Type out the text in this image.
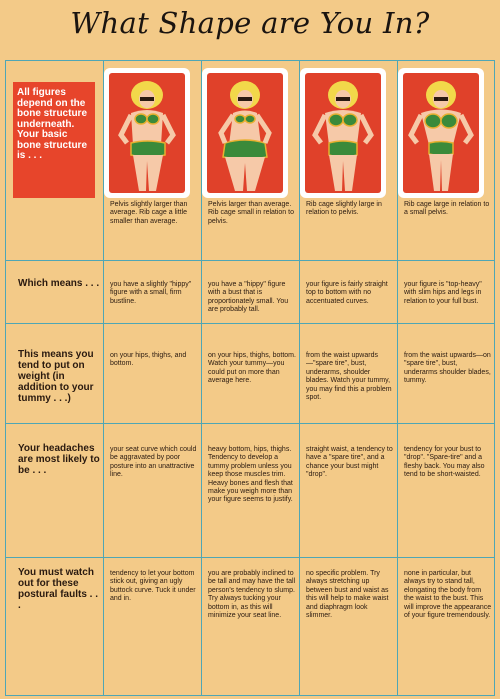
What Shape are You In?
All figures depend on the bone structure underneath. Your basic bone structure is . . .
Pelvis slightly larger than average. Rib cage a little smaller than average.
Pelvis larger than average. Rib cage small in relation to pelvis.
Rib cage slightly large in relation to pelvis.
Rib cage large in relation to a small pelvis.
Which means . . . you have a slightly "hippy" figure with a small, firm bustline.
you have a "hippy" figure with a bust that is proportionately small. You are probably tall.
your figure is fairly straight top to bottom with no accentuated curves.
your figure is "top-heavy" with slim hips and legs in relation to your full bust.
This means you tend to put on weight (in addition to your tummy . . .)
on your hips, thighs, and bottom.
on your hips, thighs, bottom. Watch your tummy—you could put on more than average here.
from the waist upwards—"spare tire", bust, underarms, shoulder blades. Watch your tummy, you may find this a problem spot.
from the waist upwards—on "spare tire", bust, underarms shoulder blades, tummy.
Your headaches are most likely to be . . .
your seat curve which could be aggravated by poor posture into an unattractive line.
heavy bottom, hips, thighs. Tendency to develop a tummy problem unless you keep those muscles trim. Heavy bones and flesh that make you weigh more than your figure seems to justify.
straight waist, a tendency to have a "spare tire", and a chance your bust might "drop".
tendency for your bust to "drop". "Spare-tire" and a fleshy back. You may also tend to be short-waisted.
You must watch out for these postural faults . . .
tendency to let your bottom stick out, giving an ugly buttock curve. Tuck it under and in.
you are probably inclined to be tall and may have the tall person's tendency to slump. Try always tucking your bottom in, as this will minimize your seat line.
no specific problem. Try always stretching up between bust and waist as this will help to make waist and diaphragm look slimmer.
none in particular, but always try to stand tall, elongating the body from the waist to the bust. This will improve the appearance of your figure tremendously.
